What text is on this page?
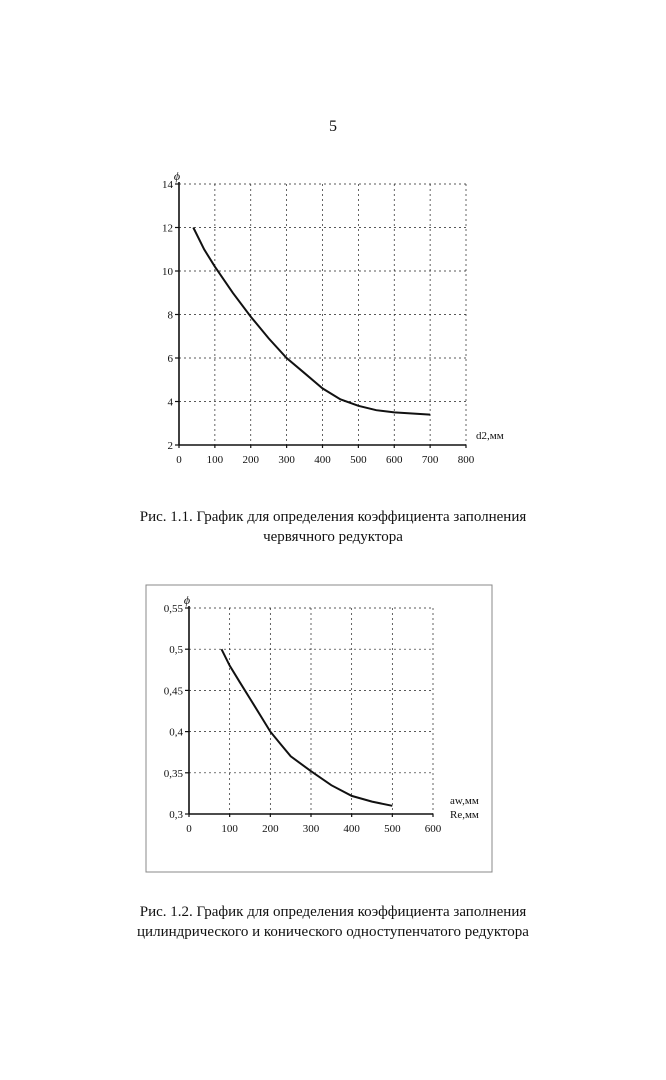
5
0 100 200 300 400 500 600 700 800
2
4
6
8
10
12
14
ϕ
d2,мм
Рис. 1.1. График для определения коэффициента заполнения
червячного редуктора
0	100 200 300 400 500 600
0,3
0,35
0,4
0,45
0,5
0,55
ϕ
aw,мм
Rе,мм
Рис. 1.2. График для определения коэффициента заполнения
цилиндрического и конического одноступенчатого редуктора
